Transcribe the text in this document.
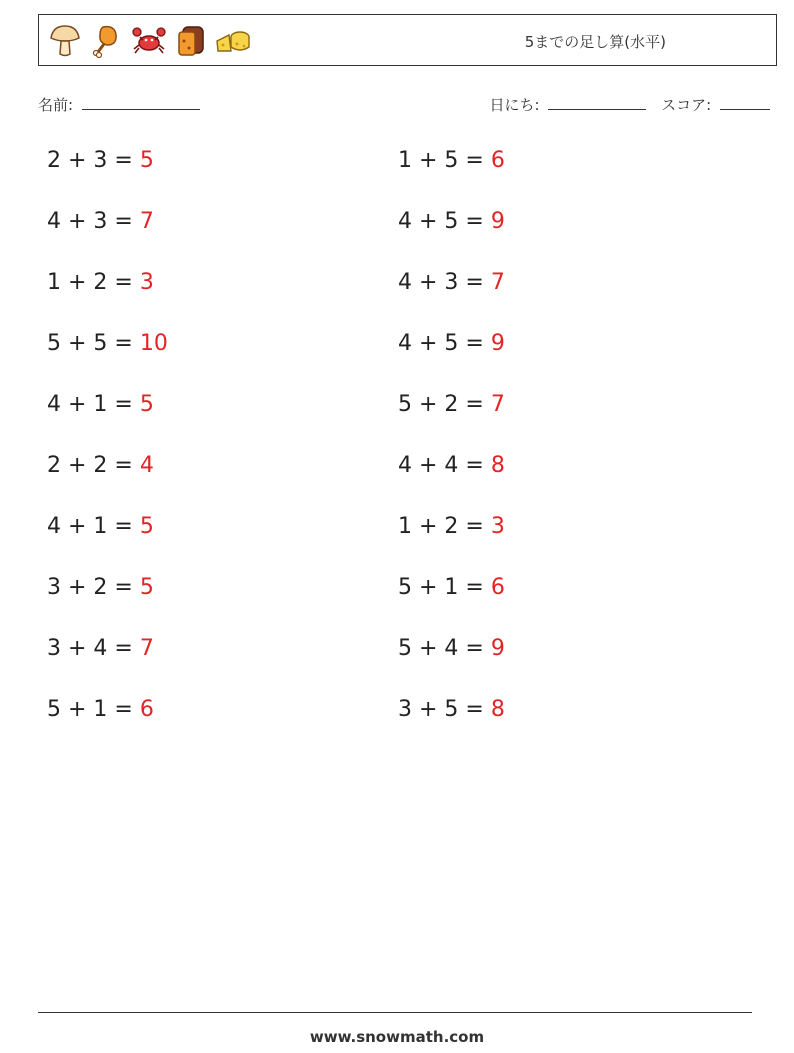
5までの足し算(水平)
名前:	日にち:	スコア:
2 + 3 = 5	1 + 5 = 6
4 + 3 = 7	4 + 5 = 9
1 + 2 = 3	4 + 3 = 7
5 + 5 = 10	4 + 5 = 9
4 + 1 = 5	5 + 2 = 7
2 + 2 = 4	4 + 4 = 8
4 + 1 = 5	1 + 2 = 3
3 + 2 = 5	5 + 1 = 6
3 + 4 = 7	5 + 4 = 9
5 + 1 = 6	3 + 5 = 8
www.snowmath.com
